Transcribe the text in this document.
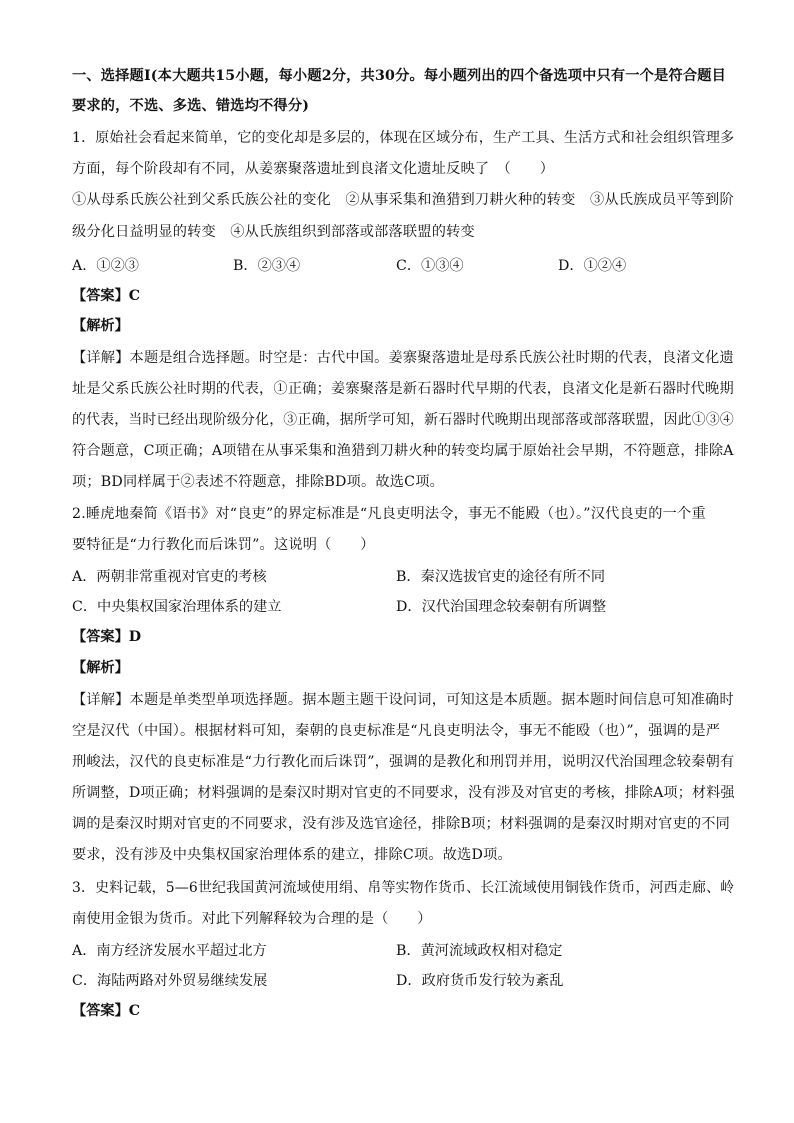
一、选择题Ⅰ(本大题共15小题，每小题2分，共30分。每小题列出的四个备选项中只有一个是符合题目

要求的，不选、多选、错选均不得分)

1．原始社会看起来简单，它的变化却是多层的，体现在区域分布，生产工具、生活方式和社会组织管理多

方面，每个阶段却有不同，从姜寨聚落遗址到良渚文化遗址反映了　（　　）

①从母系氏族公社到父系氏族公社的变化　②从事采集和渔猎到刀耕火种的转变　③从氏族成员平等到阶

级分化日益明显的转变　④从氏族组织到部落或部落联盟的转变

A．①②③	B．②③④	C．①③④	D．①②④

【答案】C

【解析】

【详解】本题是组合选择题。时空是：古代中国。姜寨聚落遗址是母系氏族公社时期的代表，良渚文化遗

址是父系氏族公社时期的代表，①正确；姜寨聚落是新石器时代早期的代表，良渚文化是新石器时代晚期

的代表，当时已经出现阶级分化，③正确，据所学可知，新石器时代晚期出现部落或部落联盟，因此①③④

符合题意，C项正确；A项错在从事采集和渔猎到刀耕火种的转变均属于原始社会早期，不符题意，排除A

项；BD同样属于②表述不符题意，排除BD项。故选C项。

2.睡虎地秦简《语书》对“良吏”的界定标准是“凡良吏明法令，事无不能殿（也）。”汉代良吏的一个重

要特征是“力行教化而后诛罚”。这说明（　　）

A．两朝非常重视对官吏的考核	B．秦汉选拔官吏的途径有所不同

C．中央集权国家治理体系的建立	D．汉代治国理念较秦朝有所调整

【答案】D

【解析】

【详解】本题是单类型单项选择题。据本题主题干设问词，可知这是本质题。据本题时间信息可知准确时

空是汉代（中国）。根据材料可知，秦朝的良吏标准是“凡良吏明法令，事无不能殴（也）”，强调的是严

刑峻法，汉代的良吏标准是“力行教化而后诛罚”，强调的是教化和刑罚并用，说明汉代治国理念较秦朝有

所调整，D项正确；材料强调的是秦汉时期对官吏的不同要求，没有涉及对官吏的考核，排除A项；材料强

调的是秦汉时期对官吏的不同要求，没有涉及选官途径，排除B项；材料强调的是秦汉时期对官吏的不同

要求，没有涉及中央集权国家治理体系的建立，排除C项。故选D项。

3．史料记载，5—6世纪我国黄河流域使用绢、帛等实物作货币、长江流域使用铜钱作货币，河西走廊、岭

南使用金银为货币。对此下列解释较为合理的是（　　）

A．南方经济发展水平超过北方	B．黄河流域政权相对稳定

C．海陆两路对外贸易继续发展	D．政府货币发行较为紊乱

【答案】C
